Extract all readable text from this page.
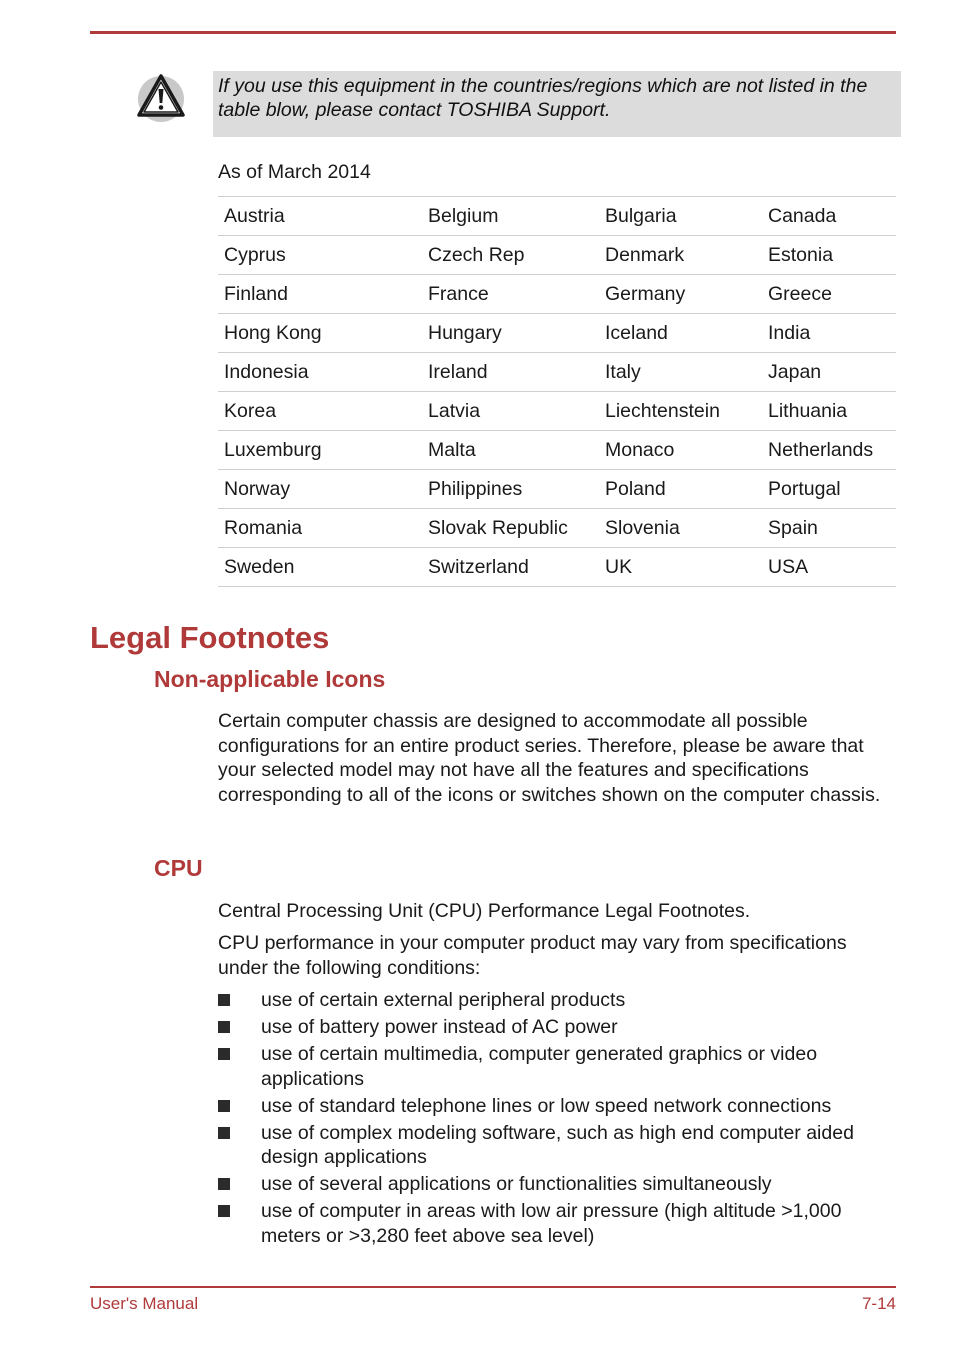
If you use this equipment in the countries/regions which are not listed in the table blow, please contact TOSHIBA Support.
As of March 2014
Austria	Belgium	Bulgaria	Canada
Cyprus	Czech Rep	Denmark	Estonia
Finland	France	Germany	Greece
Hong Kong	Hungary	Iceland	India
Indonesia	Ireland	Italy	Japan
Korea	Latvia	Liechtenstein	Lithuania
Luxemburg	Malta	Monaco	Netherlands
Norway	Philippines	Poland	Portugal
Romania	Slovak Republic	Slovenia	Spain
Sweden	Switzerland	UK	USA
Legal Footnotes
Non-applicable Icons

Certain computer chassis are designed to accommodate all possible configurations for an entire product series. Therefore, please be aware that your selected model may not have all the features and specifications corresponding to all of the icons or switches shown on the computer chassis.

CPU

Central Processing Unit (CPU) Performance Legal Footnotes.

CPU performance in your computer product may vary from specifications under the following conditions:

use of certain external peripheral products
use of battery power instead of AC power
use of certain multimedia, computer generated graphics or video applications
use of standard telephone lines or low speed network connections
use of complex modeling software, such as high end computer aided design applications
use of several applications or functionalities simultaneously
use of computer in areas with low air pressure (high altitude >1,000 meters or >3,280 feet above sea level)
User's Manual	7-14
